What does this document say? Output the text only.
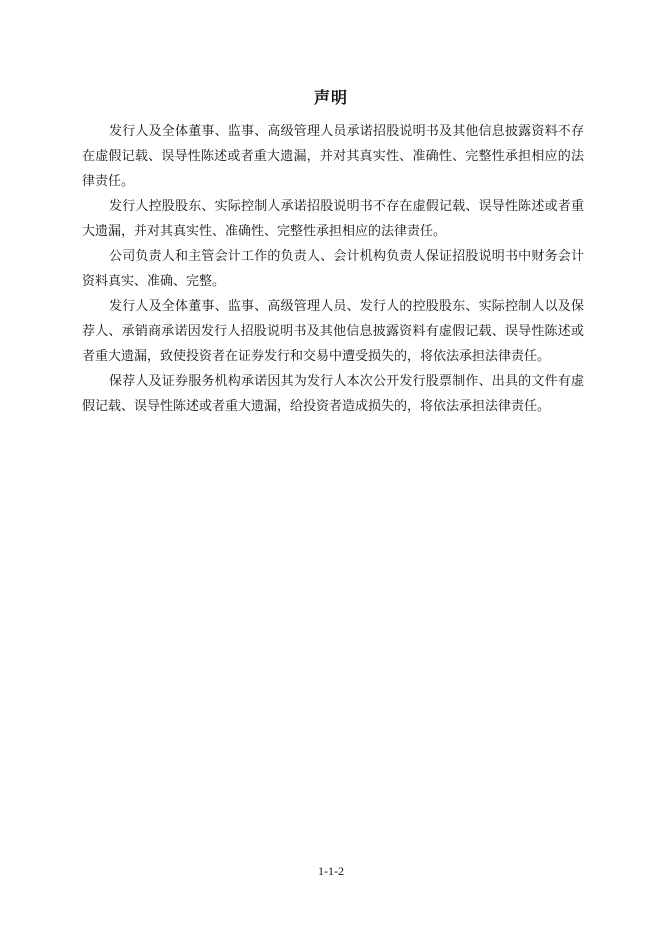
声明

发行人及全体董事、监事、高级管理人员承诺招股说明书及其他信息披露资料不存在虚假记载、误导性陈述或者重大遗漏，并对其真实性、准确性、完整性承担相应的法律责任。

发行人控股股东、实际控制人承诺招股说明书不存在虚假记载、误导性陈述或者重大遗漏，并对其真实性、准确性、完整性承担相应的法律责任。

公司负责人和主管会计工作的负责人、会计机构负责人保证招股说明书中财务会计资料真实、准确、完整。

发行人及全体董事、监事、高级管理人员、发行人的控股股东、实际控制人以及保荐人、承销商承诺因发行人招股说明书及其他信息披露资料有虚假记载、误导性陈述或者重大遗漏，致使投资者在证券发行和交易中遭受损失的，将依法承担法律责任。

保荐人及证券服务机构承诺因其为发行人本次公开发行股票制作、出具的文件有虚假记载、误导性陈述或者重大遗漏，给投资者造成损失的，将依法承担法律责任。

1-1-2
